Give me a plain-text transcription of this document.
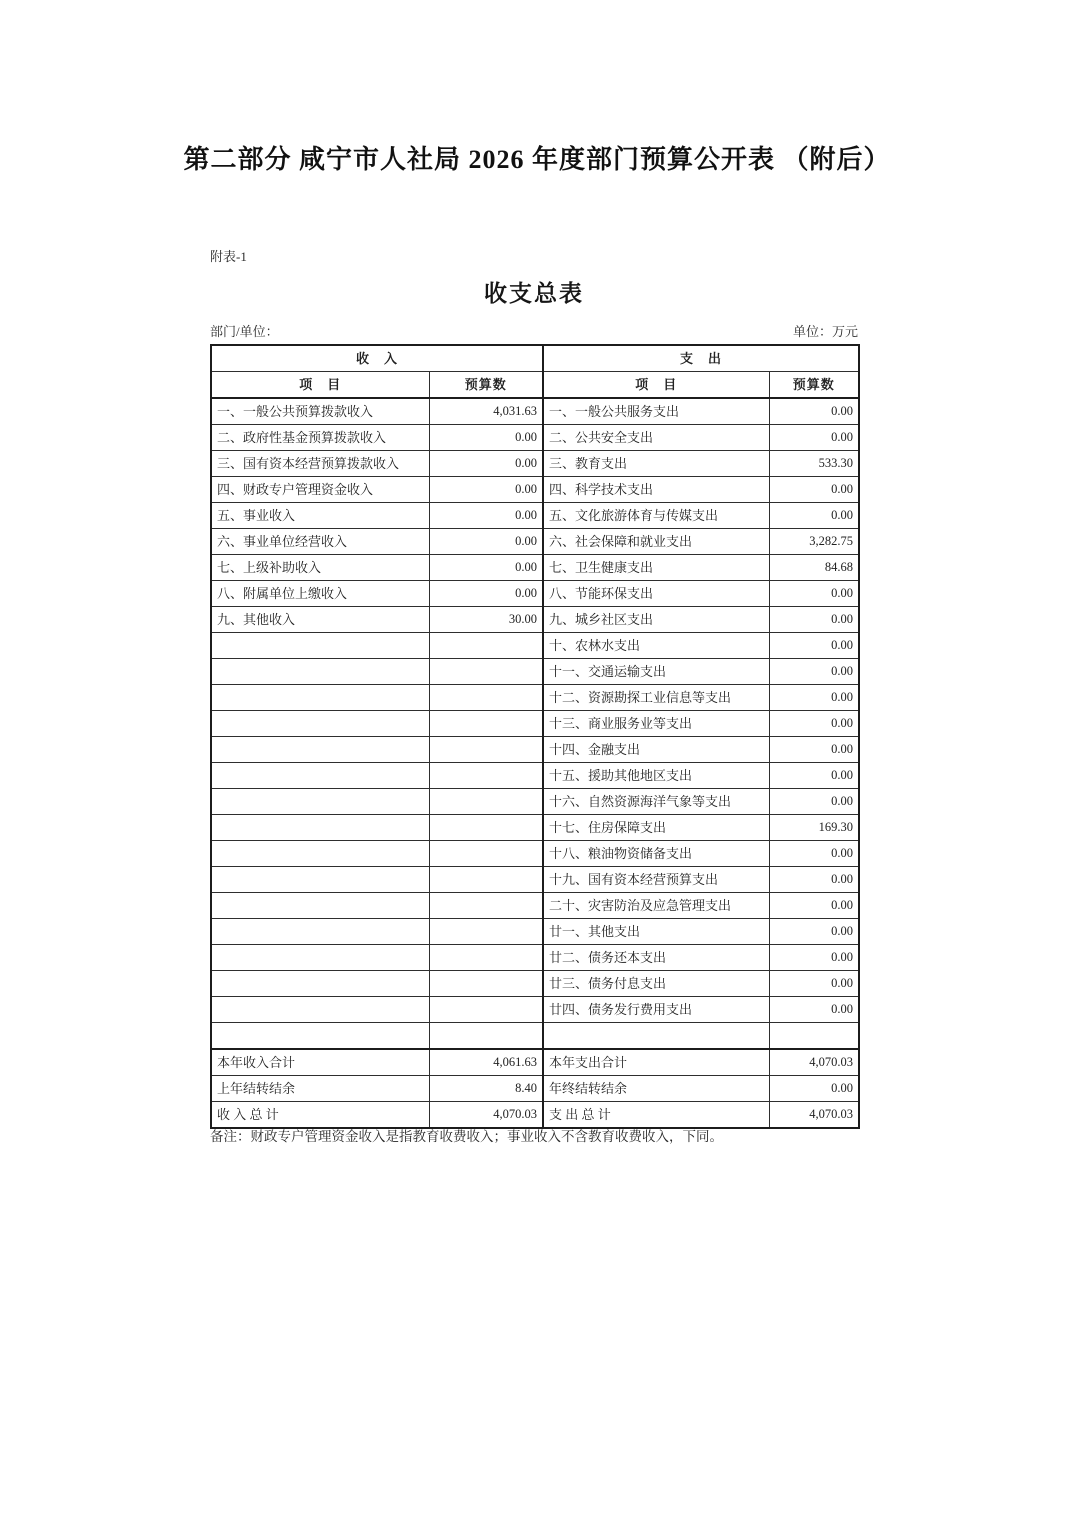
第二部分 咸宁市人社局 2026 年度部门预算公开表 （附后）
附表-1
收支总表
部门/单位：	单位：万元
收　入		支　出	
项　目	预算数	项　目	预算数
一、一般公共预算拨款收入	4,031.63	一、一般公共服务支出	0.00
二、政府性基金预算拨款收入	0.00	二、公共安全支出	0.00
三、国有资本经营预算拨款收入	0.00	三、教育支出	533.30
四、财政专户管理资金收入	0.00	四、科学技术支出	0.00
五、事业收入	0.00	五、文化旅游体育与传媒支出	0.00
六、事业单位经营收入	0.00	六、社会保障和就业支出	3,282.75
七、上级补助收入	0.00	七、卫生健康支出	84.68
八、附属单位上缴收入	0.00	八、节能环保支出	0.00
九、其他收入	30.00	九、城乡社区支出	0.00
		十、农林水支出	0.00
		十一、交通运输支出	0.00
		十二、资源勘探工业信息等支出	0.00
		十三、商业服务业等支出	0.00
		十四、金融支出	0.00
		十五、援助其他地区支出	0.00
		十六、自然资源海洋气象等支出	0.00
		十七、住房保障支出	169.30
		十八、粮油物资储备支出	0.00
		十九、国有资本经营预算支出	0.00
		二十、灾害防治及应急管理支出	0.00
		廿一、其他支出	0.00
		廿二、债务还本支出	0.00
		廿三、债务付息支出	0.00
		廿四、债务发行费用支出	0.00

本年收入合计	4,061.63	本年支出合计	4,070.03
上年结转结余	8.40	年终结转结余	0.00
收 入 总 计	4,070.03	支 出 总 计	4,070.03
备注：财政专户管理资金收入是指教育收费收入；事业收入不含教育收费收入，下同。
